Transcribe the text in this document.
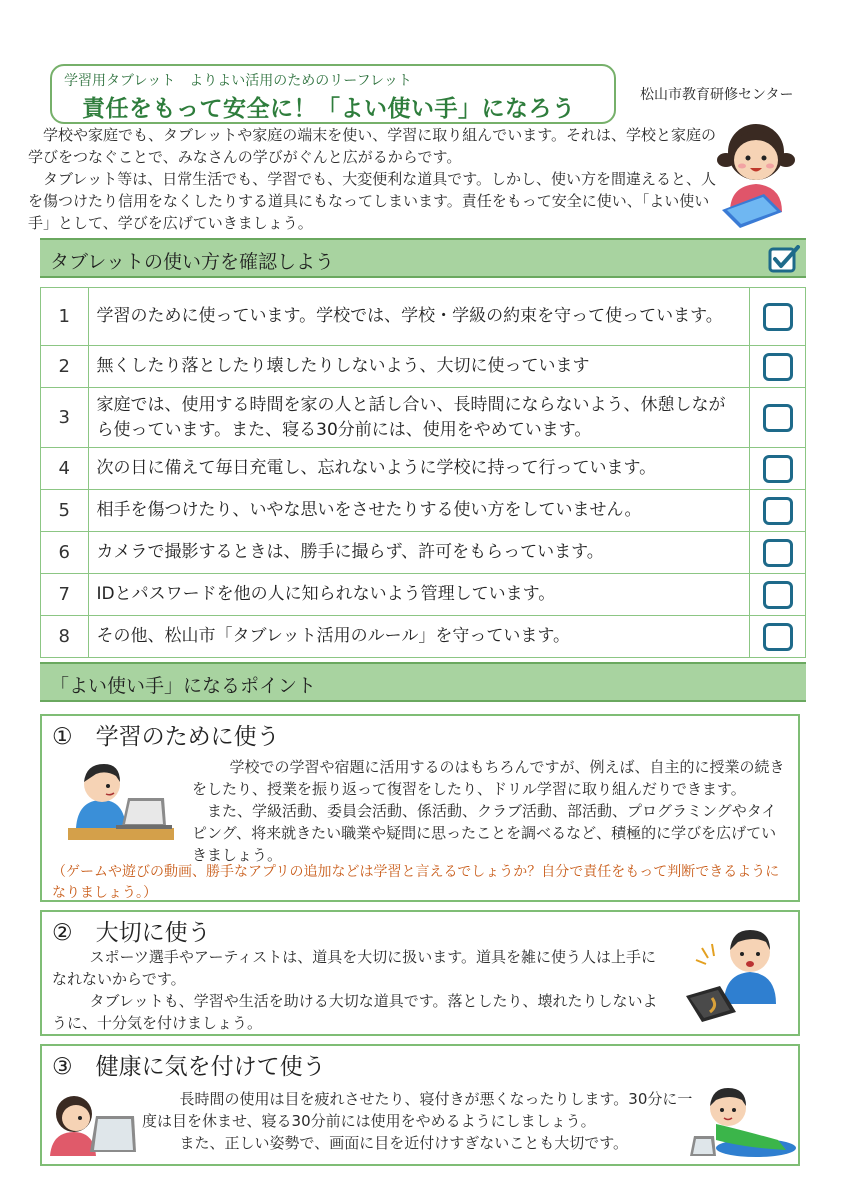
学習用タブレット　よりよい活用のためのリーフレット
責任をもって安全に！「よい使い手」になろう
松山市教育研修センター

学校や家庭でも、タブレットや家庭の端末を使い、学習に取り組んでいます。それは、学校と家庭の学びをつなぐことで、みなさんの学びがぐんと広がるからです。

タブレット等は、日常生活でも、学習でも、大変便利な道具です。しかし、使い方を間違えると、人を傷つけたり信用をなくしたりする道具にもなってしまいます。責任をもって安全に使い、「よい使い手」として、学びを広げていきましょう。

タブレットの使い方を確認しよう
1	学習のために使っています。学校では、学校・学級の約束を守って使っています。	
2	無くしたり落としたり壊したりしないよう、大切に使っています	
3	家庭では、使用する時間を家の人と話し合い、長時間にならないよう、休憩しながら使っています。また、寝る30分前には、使用をやめています。	
4	次の日に備えて毎日充電し、忘れないように学校に持って行っています。	
5	相手を傷つけたり、いやな思いをさせたりする使い方をしていません。	
6	カメラで撮影するときは、勝手に撮らず、許可をもらっています。	
7	IDとパスワードを他の人に知られないよう管理しています。	
8	その他、松山市「タブレット活用のルール」を守っています。	
「よい使い手」になるポイント
①　学習のために使う

学校での学習や宿題に活用するのはもちろんですが、例えば、自主的に授業の続きをしたり、授業を振り返って復習をしたり、ドリル学習に取り組んだりできます。

また、学級活動、委員会活動、係活動、クラブ活動、部活動、プログラミングやタイピング、将来就きたい職業や疑問に思ったことを調べるなど、積極的に学びを広げていきましょう。

（ゲームや遊びの動画、勝手なアプリの追加などは学習と言えるでしょうか？自分で責任をもって判断できるようになりましょう。）
②　大切に使う

スポーツ選手やアーティストは、道具を大切に扱います。道具を雑に使う人は上手になれないからです。

タブレットも、学習や生活を助ける大切な道具です。落としたり、壊れたりしないように、十分気を付けましょう。

③　健康に気を付けて使う

長時間の使用は目を疲れさせたり、寝付きが悪くなったりします。30分に一度は目を休ませ、寝る30分前には使用をやめるようにしましょう。

また、正しい姿勢で、画面に目を近付けすぎないことも大切です。
